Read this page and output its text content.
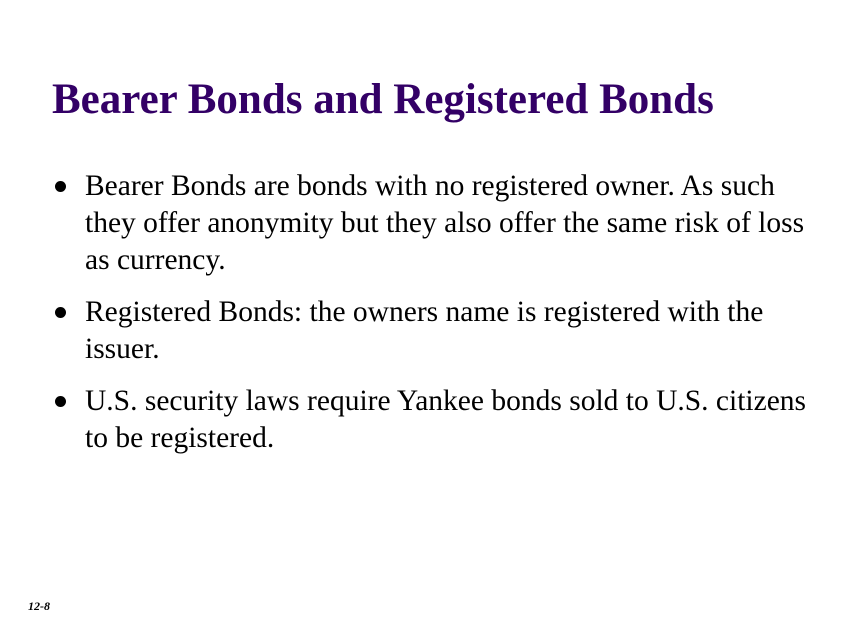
Bearer Bonds and Registered Bonds
Bearer Bonds are bonds with no registered owner. As such they offer anonymity but they also offer the same risk of loss as currency.
Registered Bonds: the owners name is registered with the issuer.
U.S. security laws require Yankee bonds sold to U.S. citizens to be registered.
12-8
